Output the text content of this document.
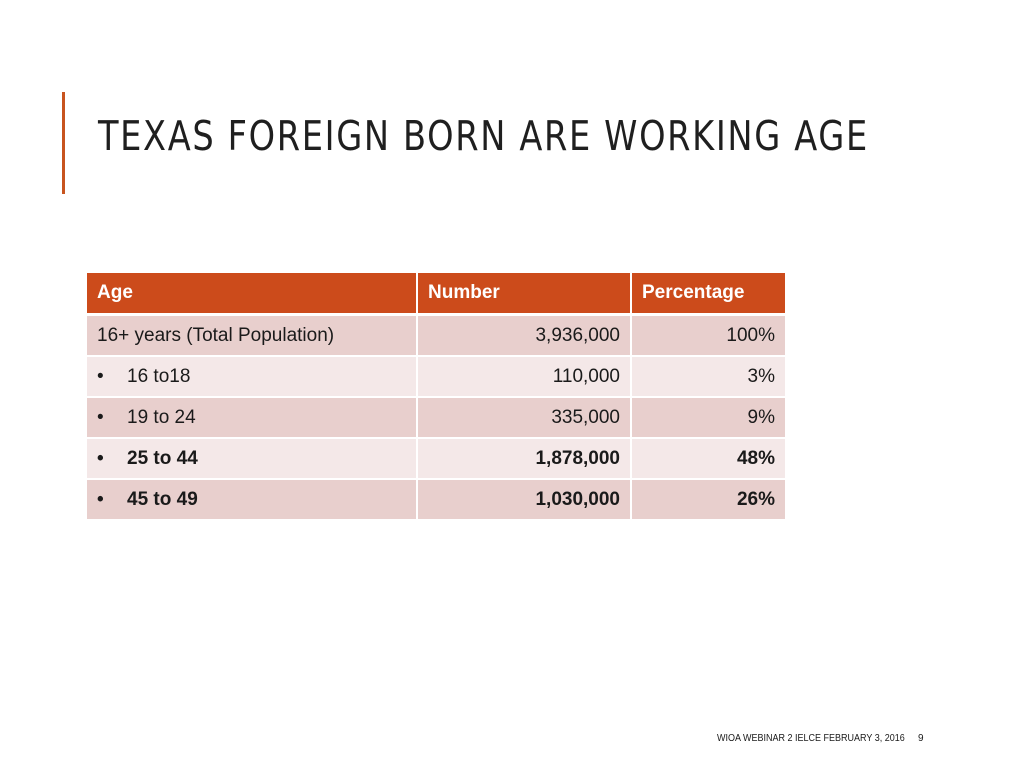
TEXAS FOREIGN BORN ARE WORKING AGE
Age	Number	Percentage
16+ years (Total Population)	3,936,000	100%
• 16 to18	110,000	3%
• 19 to 24	335,000	9%
• 25 to 44	1,878,000	48%
• 45 to 49	1,030,000	26%
WIOA WEBINAR 2 IELCE FEBRUARY 3, 2016 9
